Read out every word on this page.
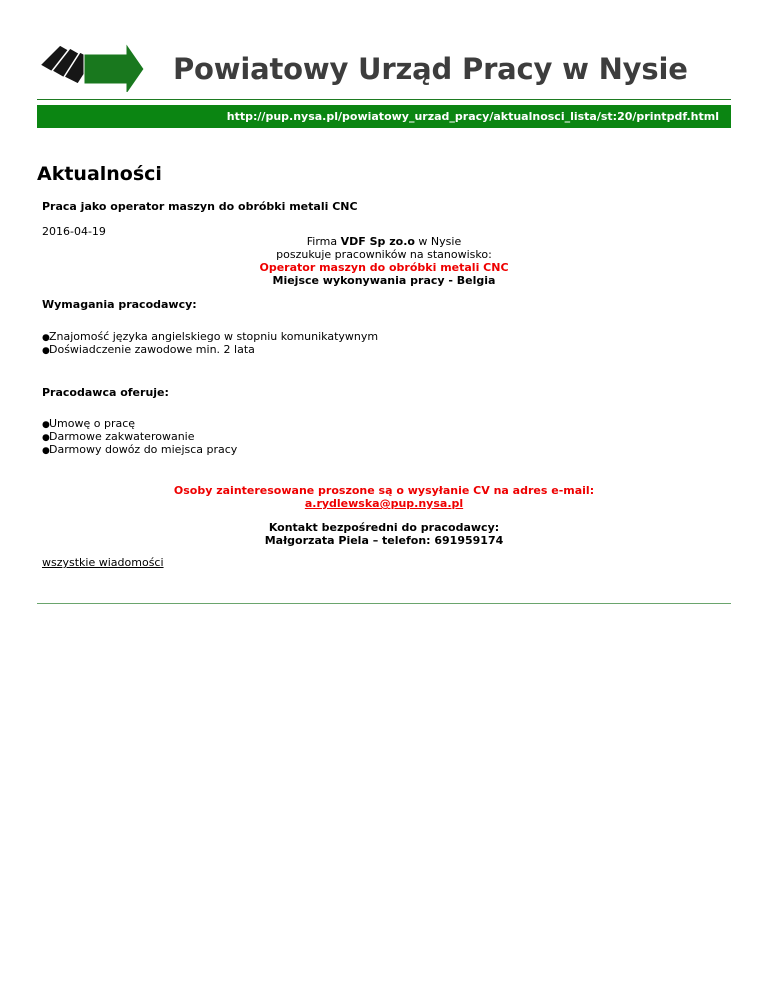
Powiatowy Urząd Pracy w Nysie
http://pup.nysa.pl/powiatowy_urzad_pracy/aktualnosci_lista/st:20/printpdf.html
Aktualności
Praca jako operator maszyn do obróbki metali CNC
2016-04-19
Firma VDF Sp zo.o w Nysie
poszukuje pracowników na stanowisko:
Operator maszyn do obróbki metali CNC
Miejsce wykonywania pracy - Belgia
Wymagania pracodawcy:
●Znajomość języka angielskiego w stopniu komunikatywnym
●Doświadczenie zawodowe min. 2 lata
Pracodawca oferuje:
●Umowę o pracę
●Darmowe zakwaterowanie
●Darmowy dowóz do miejsca pracy
Osoby zainteresowane proszone są o wysyłanie CV na adres e-mail:
a.rydlewska@pup.nysa.pl
Kontakt bezpośredni do pracodawcy:
Małgorzata Piela – telefon: 691959174
wszystkie wiadomości
